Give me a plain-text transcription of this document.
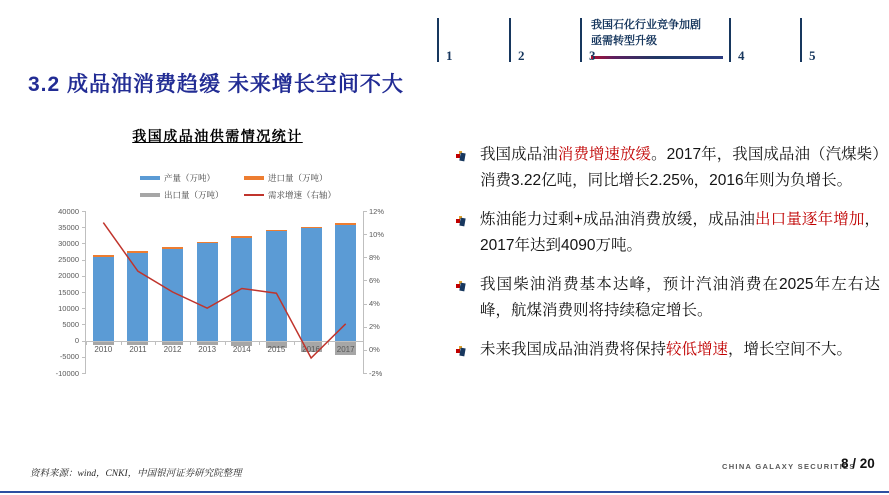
1	2
我国石化行业竞争加剧
亟需转型升级
3	4	5
3.2 成品油消费趋缓 未来增长空间不大
我国成品油供需情况统计
产量（万吨）	进口量（万吨）
出口量（万吨）	需求增速（右轴）
40000
35000
30000
25000
20000
15000
10000
5000
0
-5000
-10000
12%
10%
8%
6%
4%
2%
0%
-2%
2010	2011	2012	2013	2014	2015	2016	2017
我国成品油消费增速放缓。2017年，我国成品油（汽煤柴）消费3.22亿吨，同比增长2.25%，2016年则为负增长。
炼油能力过剩+成品油消费放缓，成品油出口量逐年增加，2017年达到4090万吨。
我国柴油消费基本达峰，预计汽油消费在2025年左右达峰，航煤消费则将持续稳定增长。
未来我国成品油消费将保持较低增速，增长空间不大。
资料来源：wind，CNKI，中国银河证券研究院整理
CHINA GALAXY SECURITIES
8 / 20
